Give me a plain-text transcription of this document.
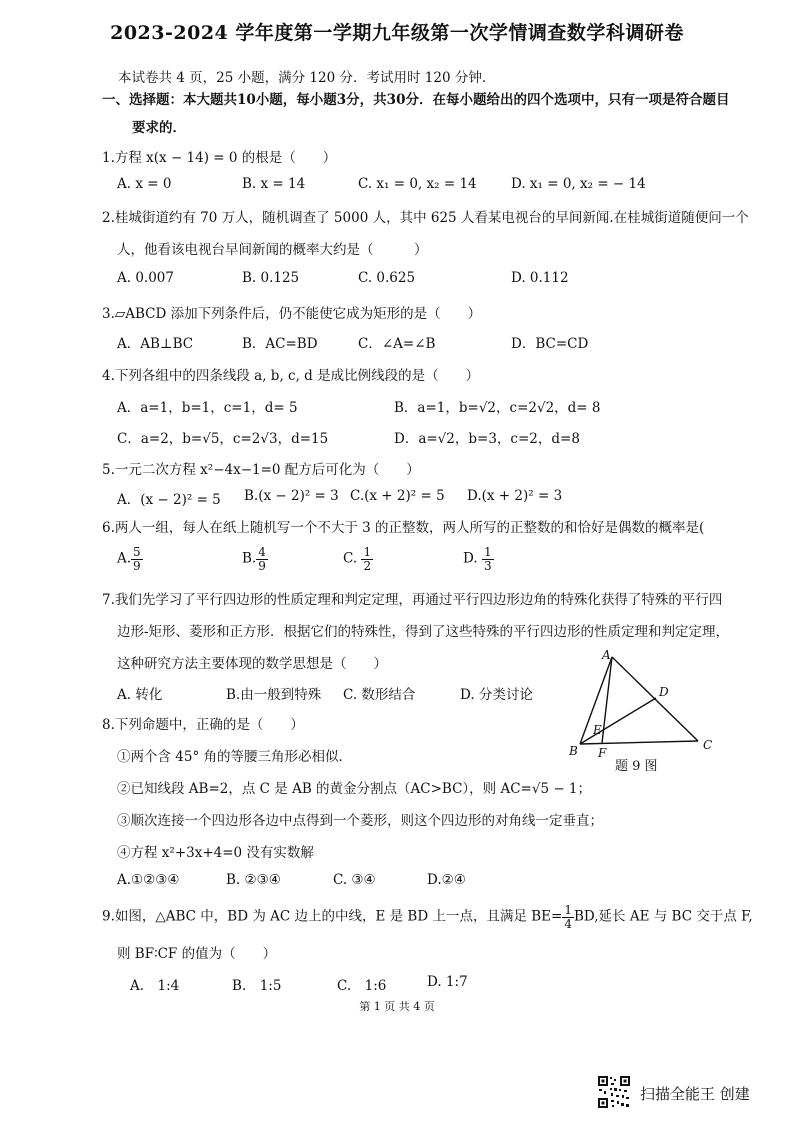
2023-2024 学年度第一学期九年级第一次学情调查数学科调研卷
本试卷共 4 页，25 小题，满分 120 分．考试用时 120 分钟．
一、选择题：本大题共10小题，每小题3分，共30分．在每小题给出的四个选项中，只有一项是符合题目
要求的．
1.方程 x(x − 14) = 0 的根是（　　）
A. x = 0	B. x = 14	C. x₁ = 0, x₂ = 14	D. x₁ = 0, x₂ = − 14
2.桂城街道约有 70 万人，随机调查了 5000 人，其中 625 人看某电视台的早间新闻.在桂城街道随便问一个
人，他看该电视台早间新闻的概率大约是（　　　）
A. 0.007	B. 0.125	C. 0.625	D. 0.112
3.▱ABCD 添加下列条件后，仍不能使它成为矩形的是（　　）
A．AB⊥BC	B．AC=BD	C．∠A=∠B	D．BC=CD
4.下列各组中的四条线段 a, b, c, d 是成比例线段的是（　　）
A．a=1，b=1，c=1，d= 5	B．a=1，b=√2，c=2√2，d= 8
C．a=2，b=√5，c=2√3，d=15	D．a=√2，b=3，c=2，d=8
5.一元二次方程 x²−4x−1=0 配方后可化为（　　）
A．(x − 2)² = 5 B.(x − 2)² = 3 C.(x + 2)² = 5 D.(x + 2)² = 3
6.两人一组，每人在纸上随机写一个不大于 3 的正整数，两人所写的正整数的和恰好是偶数的概率是(
A. $\frac{5}{9}$	B. $\frac{4}{9}$	C. $\frac{1}{2}$	D. $\frac{1}{3}$
7.我们先学习了平行四边形的性质定理和判定定理，再通过平行四边形边角的特殊化获得了特殊的平行四
边形-矩形、菱形和正方形．根据它们的特殊性，得到了这些特殊的平行四边形的性质定理和判定定理，
这种研究方法主要体现的数学思想是（　　）
A. 转化	B.由一般到特殊 C. 数形结合	D. 分类讨论
8.下列命题中，正确的是（　　）
①两个含 45° 角的等腰三角形必相似．
②已知线段 AB=2，点 C 是 AB 的黄金分割点（AC>BC），则 AC=√5 − 1；
③顺次连接一个四边形各边中点得到一个菱形，则这个四边形的对角线一定垂直；
④方程 x²+3x+4=0 没有实数解
A.①②③④	B. ②③④	C. ③④	D.②④
A
B	C
D
E
F
题 9 图
9.如图，△ABC 中，BD 为 AC 边上的中线，E 是 BD 上一点，且满足 $BE= \frac{1}{4}$ BD,延长 AE 与 BC 交于点 F,
则 BF∶CF 的值为（　　）
A.　1:4	B.　1:5	C.　1:6	D. 1:7
第 1 页 共 4 页
扫描全能王 创建
